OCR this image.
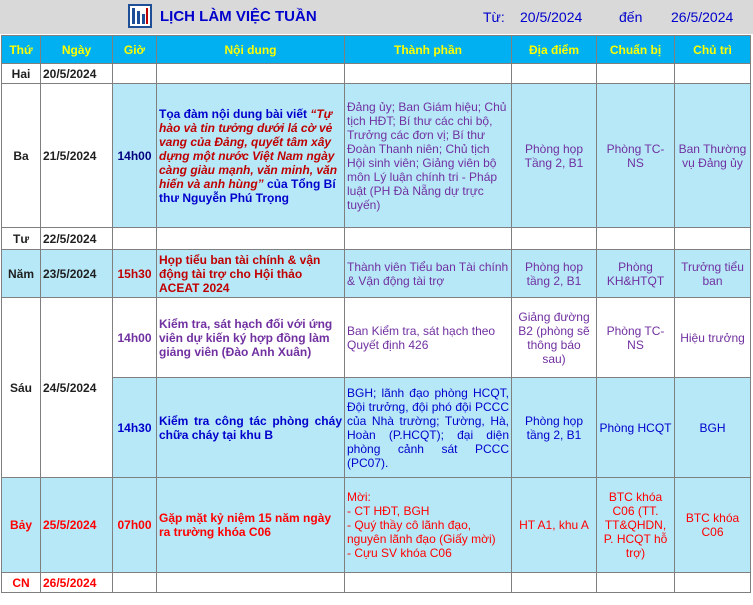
LỊCH LÀM VIỆC TUẦN	Từ: 20/5/2024	đến 26/5/2024
Thứ	Ngày	Giờ	Nội dung	Thành phần	Địa điểm	Chuẩn bị	Chủ trì
Hai	20/5/2024						
Ba	21/5/2024	14h00	Tọa đàm nội dung bài viết “Tự hào và tin tưởng dưới lá cờ vẻ vang của Đảng, quyết tâm xây dựng một nước Việt Nam ngày càng giàu mạnh, văn minh, văn hiến và anh hùng” của Tổng Bí thư Nguyễn Phú Trọng	Đảng ủy; Ban Giám hiệu; Chủ tịch HĐT; Bí thư các chi bộ, Trưởng các đơn vị; Bí thư Đoàn Thanh niên; Chủ tịch Hội sinh viên; Giảng viên bộ môn Lý luận chính tri - Pháp luật (PH Đà Nẵng dự trực tuyến)	Phòng họp Tầng 2, B1	Phòng TC-NS	Ban Thường vụ Đảng ủy
Tư	22/5/2024						
Năm	23/5/2024	15h30	Họp tiểu ban tài chính & vận động tài trợ cho Hội thảo ACEAT 2024	Thành viên Tiểu ban Tài chính & Vận động tài trợ	Phòng họp tầng 2, B1	Phòng KH&HTQT	Trưởng tiểu ban
Sáu	24/5/2024	14h00	Kiểm tra, sát hạch đối với ứng viên dự kiến ký hợp đồng làm giảng viên (Đào Anh Xuân)	Ban Kiểm tra, sát hạch theo Quyết định 426	Giảng đường B2 (phòng sẽ thông báo sau)	Phòng TC-NS	Hiệu trưởng
		14h30	Kiểm tra công tác phòng cháy chữa cháy tại khu B	BGH; lãnh đạo phòng HCQT, Đội trưởng, đội phó đội PCCC của Nhà trường; Tường, Hà, Hoàn (P.HCQT); đại diện phòng cảnh sát PCCC (PC07).	Phòng họp tầng 2, B1	Phòng HCQT	BGH
Bảy	25/5/2024	07h00	Gặp mặt kỷ niệm 15 năm ngày ra trường khóa C06	Mời:
- CT HĐT, BGH
- Quý thầy cô lãnh đạo, nguyên lãnh đạo (Giấy mời)
- Cựu SV khóa C06	HT A1, khu A	BTC khóa C06 (TT. TT&QHDN, P. HCQT hỗ trợ)	BTC khóa C06
CN	26/5/2024						
